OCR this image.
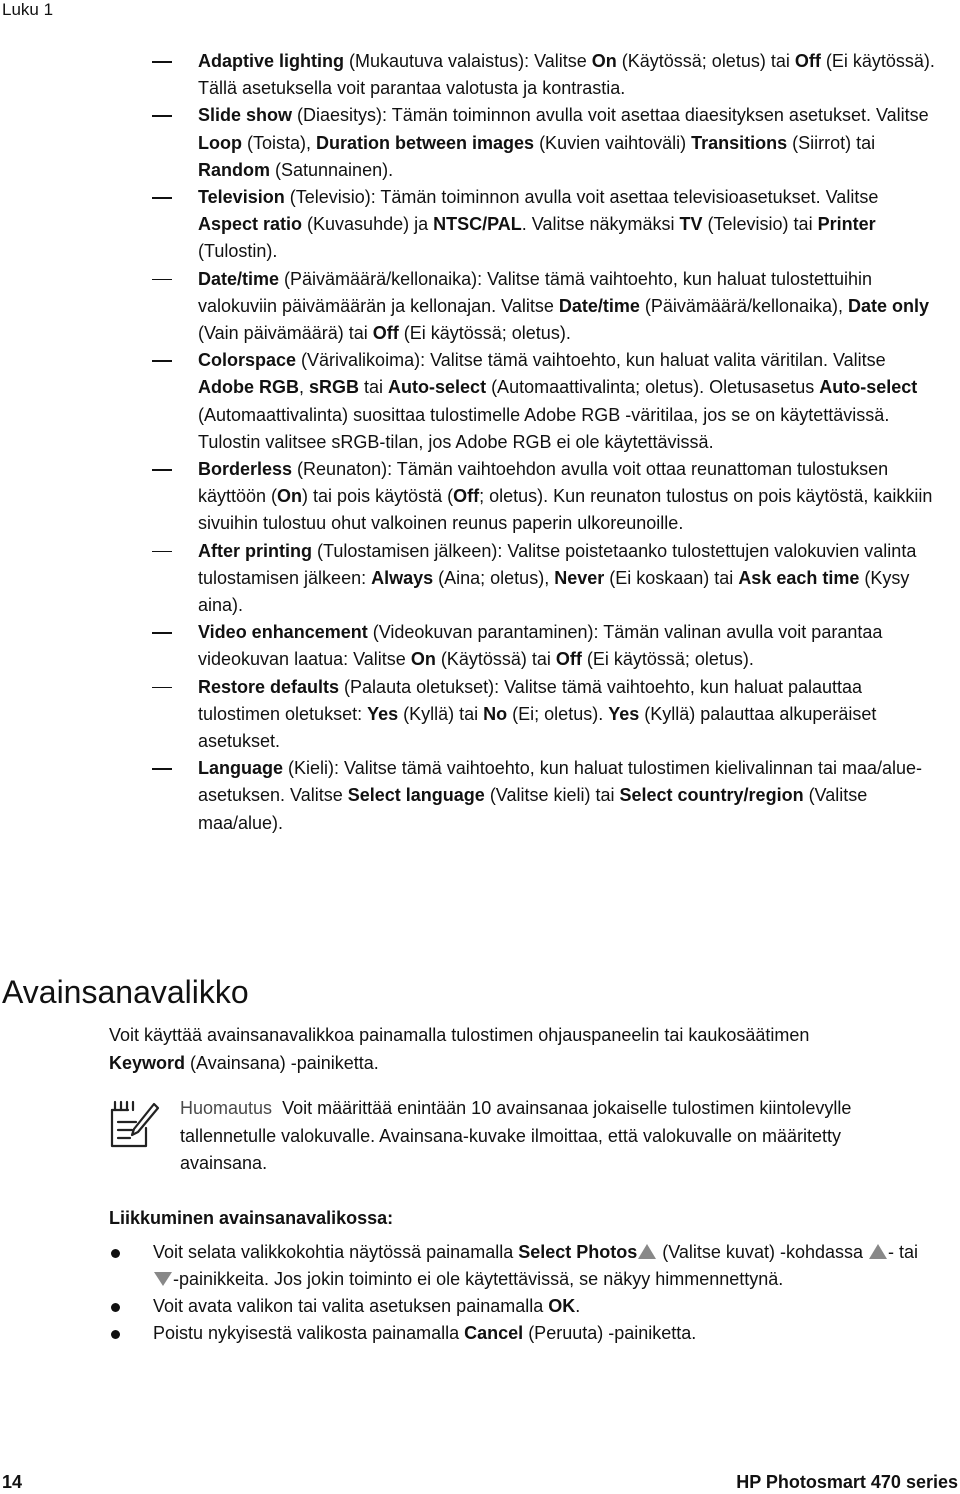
Luku 1
Adaptive lighting (Mukautuva valaistus): Valitse On (Käytössä; oletus) tai Off (Ei käytössä). Tällä asetuksella voit parantaa valotusta ja kontrastia.
Slide show (Diaesitys): Tämän toiminnon avulla voit asettaa diaesityksen asetukset. Valitse Loop (Toista), Duration between images (Kuvien vaihtoväli) Transitions (Siirrot) tai Random (Satunnainen).
Television (Televisio): Tämän toiminnon avulla voit asettaa televisioasetukset. Valitse Aspect ratio (Kuvasuhde) ja NTSC/PAL. Valitse näkymäksi TV (Televisio) tai Printer (Tulostin).
Date/time (Päivämäärä/kellonaika): Valitse tämä vaihtoehto, kun haluat tulostettuihin valokuviin päivämäärän ja kellonajan. Valitse Date/time (Päivämäärä/kellonaika), Date only (Vain päivämäärä) tai Off (Ei käytössä; oletus).
Colorspace (Värivalikoima): Valitse tämä vaihtoehto, kun haluat valita väritilan. Valitse Adobe RGB, sRGB tai Auto-select (Automaattivalinta; oletus). Oletusasetus Auto-select (Automaattivalinta) suosittaa tulostimelle Adobe RGB -väritilaa, jos se on käytettävissä. Tulostin valitsee sRGB-tilan, jos Adobe RGB ei ole käytettävissä.
Borderless (Reunaton): Tämän vaihtoehdon avulla voit ottaa reunattoman tulostuksen käyttöön (On) tai pois käytöstä (Off; oletus). Kun reunaton tulostus on pois käytöstä, kaikkiin sivuihin tulostuu ohut valkoinen reunus paperin ulkoreunoille.
After printing (Tulostamisen jälkeen): Valitse poistetaanko tulostettujen valokuvien valinta tulostamisen jälkeen: Always (Aina; oletus), Never (Ei koskaan) tai Ask each time (Kysy aina).
Video enhancement (Videokuvan parantaminen): Tämän valinan avulla voit parantaa videokuvan laatua: Valitse On (Käytössä) tai Off (Ei käytössä; oletus).
Restore defaults (Palauta oletukset): Valitse tämä vaihtoehto, kun haluat palauttaa tulostimen oletukset: Yes (Kyllä) tai No (Ei; oletus). Yes (Kyllä) palauttaa alkuperäiset asetukset.
Language (Kieli): Valitse tämä vaihtoehto, kun haluat tulostimen kielivalinnan tai maa/alue-asetuksen. Valitse Select language (Valitse kieli) tai Select country/region (Valitse maa/alue).
Avainsanavalikko

Voit käyttää avainsanavalikkoa painamalla tulostimen ohjauspaneelin tai kaukosäätimen Keyword (Avainsana) -painiketta.

Huomautus Voit määrittää enintään 10 avainsanaa jokaiselle tulostimen kiintolevylle tallennetulle valokuvalle. Avainsana-kuvake ilmoittaa, että valokuvalle on määritetty avainsana.

Liikkuminen avainsanavalikossa:

Voit selata valikkokohtia näytössä painamalla Select Photos (Valitse kuvat) -kohdassa - tai -painikkeita. Jos jokin toiminto ei ole käytettävissä, se näkyy himmennettynä.
Voit avata valikon tai valita asetuksen painamalla OK.
Poistu nykyisestä valikosta painamalla Cancel (Peruuta) -painiketta.
14	HP Photosmart 470 series
